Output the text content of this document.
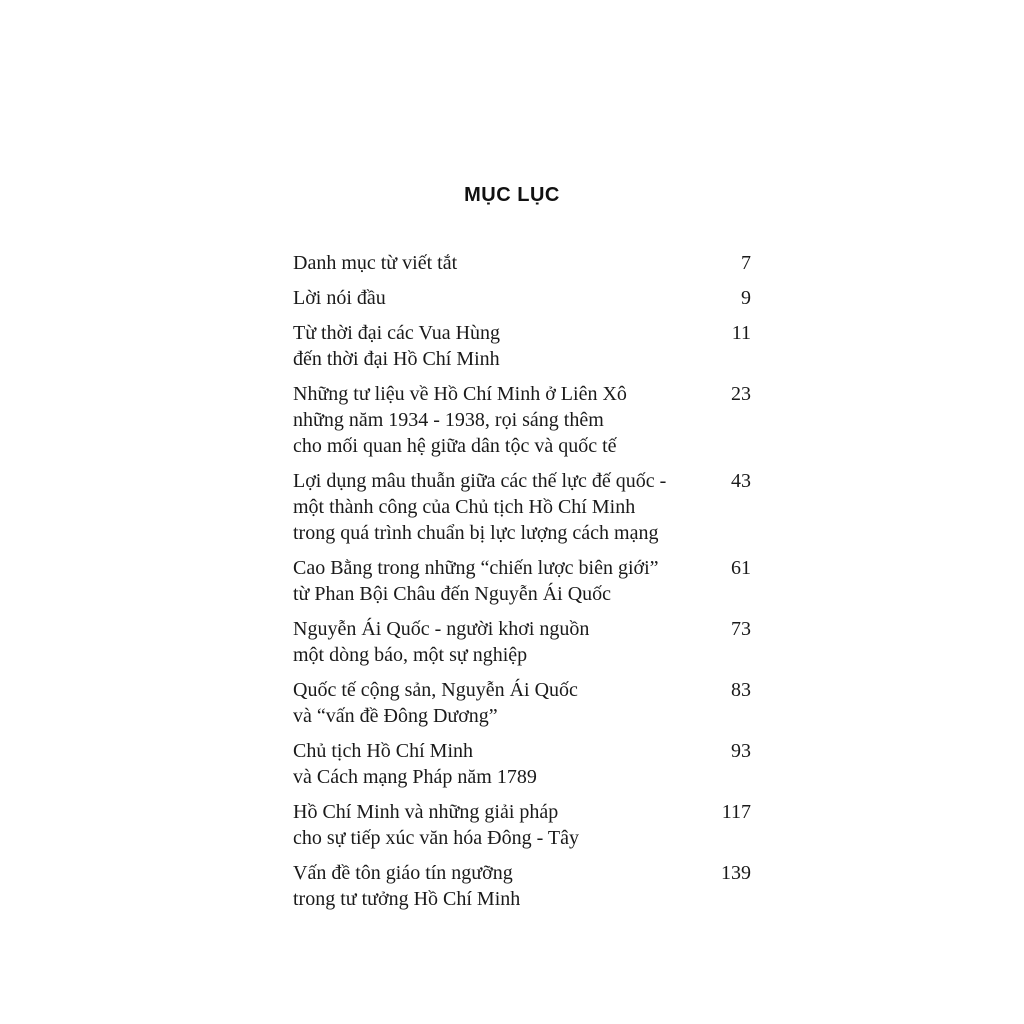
MỤC LỤC
Danh mục từ viết tắt	7
Lời nói đầu	9
Từ thời đại các Vua Hùng
đến thời đại Hồ Chí Minh
11
Những tư liệu về Hồ Chí Minh ở Liên Xô
những năm 1934 - 1938, rọi sáng thêm
cho mối quan hệ giữa dân tộc và quốc tế
23
Lợi dụng mâu thuẫn giữa các thế lực đế quốc -
một thành công của Chủ tịch Hồ Chí Minh
trong quá trình chuẩn bị lực lượng cách mạng
43
Cao Bằng trong những “chiến lược biên giới”
từ Phan Bội Châu đến Nguyễn Ái Quốc
61
Nguyễn Ái Quốc - người khơi nguồn
một dòng báo, một sự nghiệp
73
Quốc tế cộng sản, Nguyễn Ái Quốc
và “vấn đề Đông Dương”
83
Chủ tịch Hồ Chí Minh
và Cách mạng Pháp năm 1789
93
Hồ Chí Minh và những giải pháp
cho sự tiếp xúc văn hóa Đông - Tây
117
Vấn đề tôn giáo tín ngưỡng
trong tư tưởng Hồ Chí Minh
139
